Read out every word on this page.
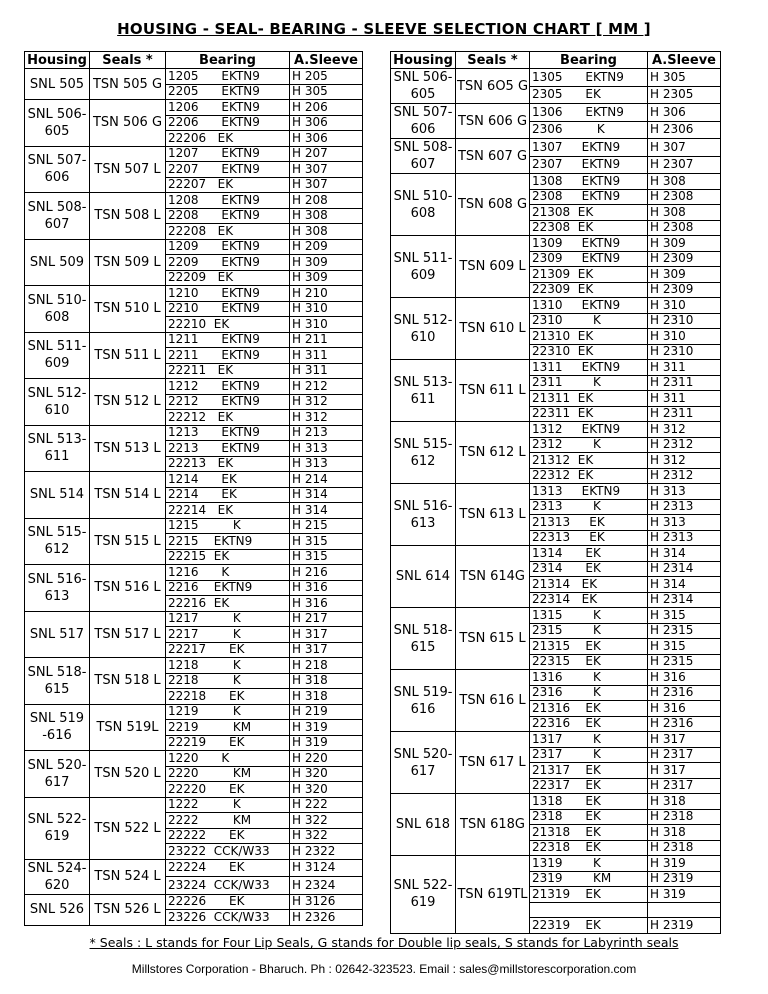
HOUSING - SEAL- BEARING - SLEEVE SELECTION CHART [ MM ]
Housing	Seals *	Bearing	A.Sleeve
SNL 505	TSN 505 G	1205      EKTN9	H 205
		2205      EKTN9	H 305
SNL 506-605	TSN 506 G	1206      EKTN9	H 206
		2206      EKTN9	H 306
		22206   EK	H 306
SNL 507-606	TSN 507 L	1207      EKTN9	H 207
		2207      EKTN9	H 307
		22207   EK	H 307
SNL 508-607	TSN 508 L	1208      EKTN9	H 208
		2208      EKTN9	H 308
		22208   EK	H 308
SNL 509	TSN 509 L	1209      EKTN9	H 209
		2209      EKTN9	H 309
		22209   EK	H 309
SNL 510-608	TSN 510 L	1210      EKTN9	H 210
		2210      EKTN9	H 310
		22210  EK	H 310
SNL 511-609	TSN 511 L	1211      EKTN9	H 211
		2211      EKTN9	H 311
		22211   EK	H 311
SNL 512-610	TSN 512 L	1212      EKTN9	H 212
		2212      EKTN9	H 312
		22212   EK	H 312
SNL 513-611	TSN 513 L	1213      EKTN9	H 213
		2213      EKTN9	H 313
		22213   EK	H 313
SNL 514	TSN 514 L	1214      EK	H 214
		2214      EK	H 314
		22214   EK	H 314
SNL 515-612	TSN 515 L	1215         K	H 215
		2215    EKTN9	H 315
		22215  EK	H 315
SNL 516-613	TSN 516 L	1216      K	H 216
		2216    EKTN9	H 316
		22216  EK	H 316
SNL 517	TSN 517 L	1217         K	H 217
		2217         K	H 317
		22217      EK	H 317
SNL 518-615	TSN 518 L	1218         K	H 218
		2218         K	H 318
		22218      EK	H 318
SNL 519 -616	TSN 519L	1219         K	H 219
		2219         KM	H 319
		22219      EK	H 319
SNL 520-617	TSN 520 L	1220      K	H 220
		2220         KM	H 320
		22220      EK	H 320
SNL 522-619	TSN 522 L	1222         K	H 222
		2222         KM	H 322
		22222      EK	H 322
		23222  CCK/W33	H 2322
SNL 524-620	TSN 524 L	22224      EK	H 3124
		23224  CCK/W33	H 2324
SNL 526	TSN 526 L	22226      EK	H 3126
		23226  CCK/W33	H 2326
Housing	Seals *	Bearing	A.Sleeve
SNL 506-605	TSN 6O5 G	1305      EKTN9	H 305
		2305      EK	H 2305
SNL 507-606	TSN 606 G	1306      EKTN9	H 306
		2306         K	H 2306
SNL 508-607	TSN 607 G	1307     EKTN9	H 307
		2307     EKTN9	H 2307
SNL 510-608	TSN 608 G	1308     EKTN9	H 308
		2308     EKTN9	H 2308
		21308  EK	H 308
		22308  EK	H 2308
SNL 511-609	TSN 609 L	1309     EKTN9	H 309
		2309     EKTN9	H 2309
		21309  EK	H 309
		22309  EK	H 2309
SNL 512-610	TSN 610 L	1310     EKTN9	H 310
		2310        K	H 2310
		21310  EK	H 310
		22310  EK	H 2310
SNL 513-611	TSN 611 L	1311     EKTN9	H 311
		2311        K	H 2311
		21311  EK	H 311
		22311  EK	H 2311
SNL 515-612	TSN 612 L	1312     EKTN9	H 312
		2312        K	H 2312
		21312  EK	H 312
		22312  EK	H 2312
SNL 516-613	TSN 613 L	1313     EKTN9	H 313
		2313        K	H 2313
		21313     EK	H 313
		22313     EK	H 2313
SNL 614	TSN 614G	1314      EK	H 314
		2314      EK	H 2314
		21314   EK	H 314
		22314   EK	H 2314
SNL 518-615	TSN 615 L	1315        K	H 315
		2315        K	H 2315
		21315    EK	H 315
		22315    EK	H 2315
SNL 519-616	TSN 616 L	1316        K	H 316
		2316        K	H 2316
		21316    EK	H 316
		22316    EK	H 2316
SNL 520-617	TSN 617 L	1317        K	H 317
		2317        K	H 2317
		21317    EK	H 317
		22317    EK	H 2317
SNL 618	TSN 618G	1318      EK	H 318
		2318      EK	H 2318
		21318    EK	H 318
		22318    EK	H 2318
SNL 522-619	TSN 619TL	1319        K	H 319
		2319        KM	H 2319
		21319    EK	H 319

		22319    EK	H 2319
* Seals : L stands for Four Lip Seals, G stands for Double lip seals, S stands for Labyrinth seals
Millstores Corporation - Bharuch. Ph : 02642-323523. Email : sales@millstorescorporation.com
